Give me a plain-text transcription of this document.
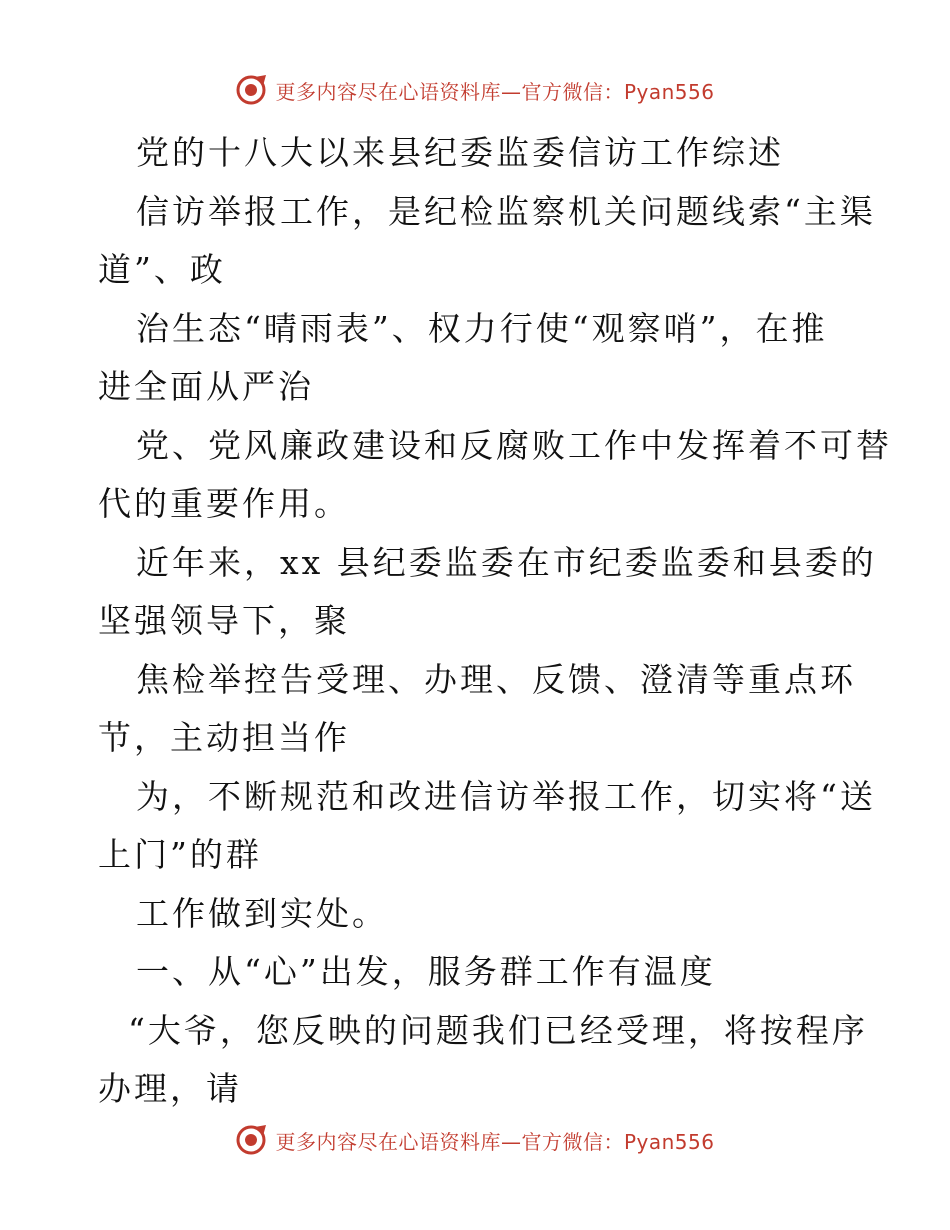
更多内容尽在心语资料库—官方微信：Pyan556
党的十八大以来县纪委监委信访工作综述
信访举报工作，是纪检监察机关问题线索“主渠
道”、政
治生态“晴雨表”、权力行使“观察哨”，在推
进全面从严治
党、党风廉政建设和反腐败工作中发挥着不可替
代的重要作用。
近年来，xx 县纪委监委在市纪委监委和县委的
坚强领导下，聚
焦检举控告受理、办理、反馈、澄清等重点环
节，主动担当作
为，不断规范和改进信访举报工作，切实将“送
上门”的群
工作做到实处。
一、从“心”出发，服务群工作有温度
“大爷，您反映的问题我们已经受理，将按程序
办理，请
更多内容尽在心语资料库—官方微信：Pyan556
